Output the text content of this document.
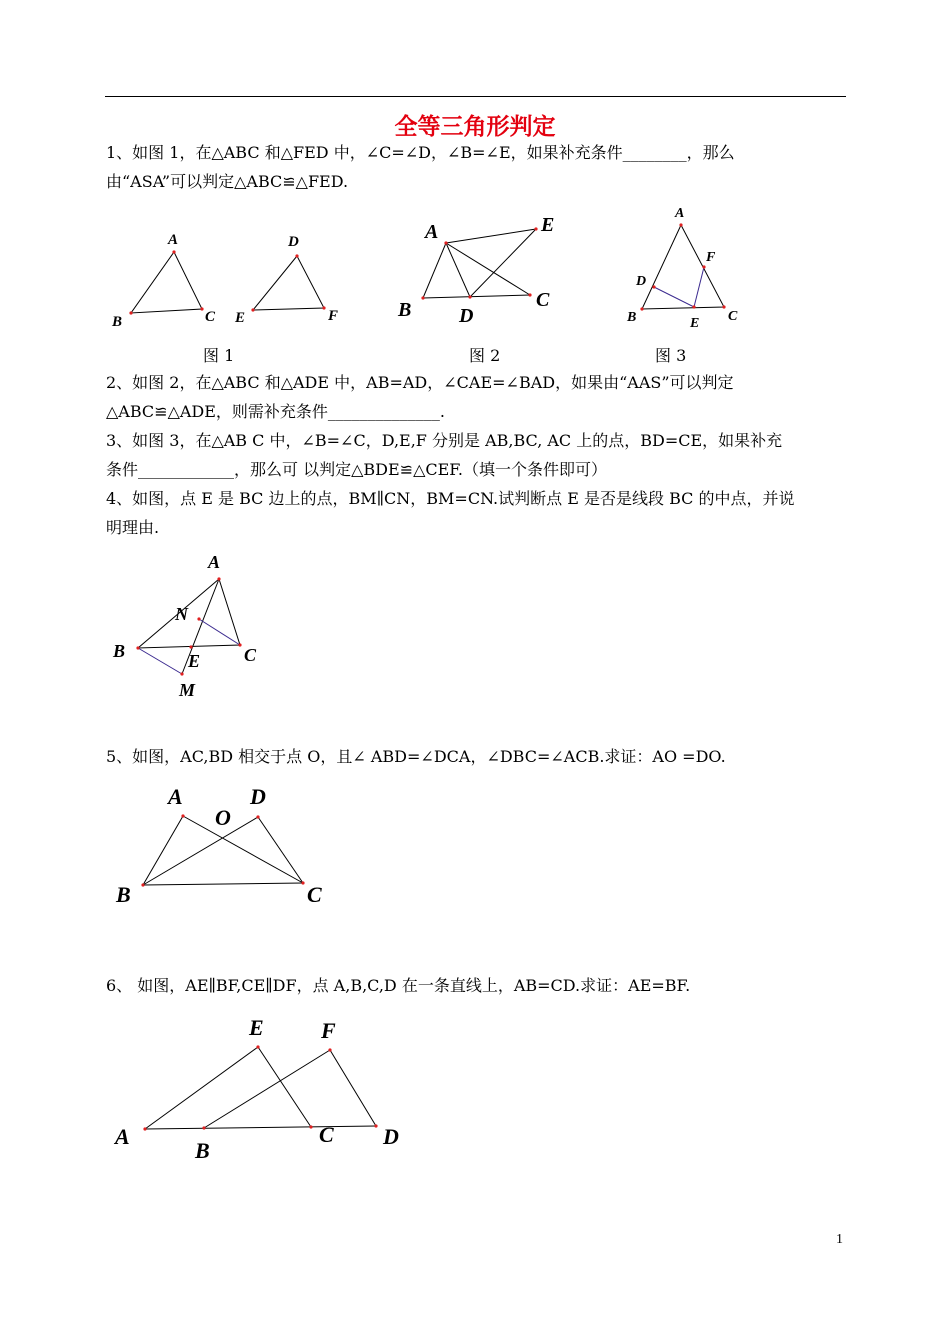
全等三角形判定
1、如图 1，在△ABC 和△FED 中，∠C=∠D，∠B=∠E，如果补充条件________，那么
由“ASA”可以判定△ABC≌△FED.
A
B	C
D
E	F
A	E
B D
C
A
F
D
B	E C
图 1	图 2	图 3
2、如图 2，在△ABC 和△ADE 中，AB=AD，∠CAE=∠BAD，如果由“AAS”可以判定
△ABC≌△ADE，则需补充条件______________.
3、如图 3，在△AB C 中，∠B=∠C，D,E,F 分别是 AB,BC, AC 上的点，BD=CE，如果补充
条件____________，那么可 以判定△BDE≌△CEF.（填一个条件即可）
4、如图，点 E 是 BC 边上的点，BM∥CN，BM=CN.试判断点 E 是否是线段 BC 的中点，并说
明理由.
A
N
B	E C
M
5、如图，AC,BD 相交于点 O，且∠ ABD=∠DCA，∠DBC=∠ACB.求证：AO =DO.
A	D
O
B	C
6、 如图，AE∥BF,CE∥DF，点 A,B,C,D 在一条直线上，AB=CD.求证：AE=BF.
E	F
A	C D
B
1
